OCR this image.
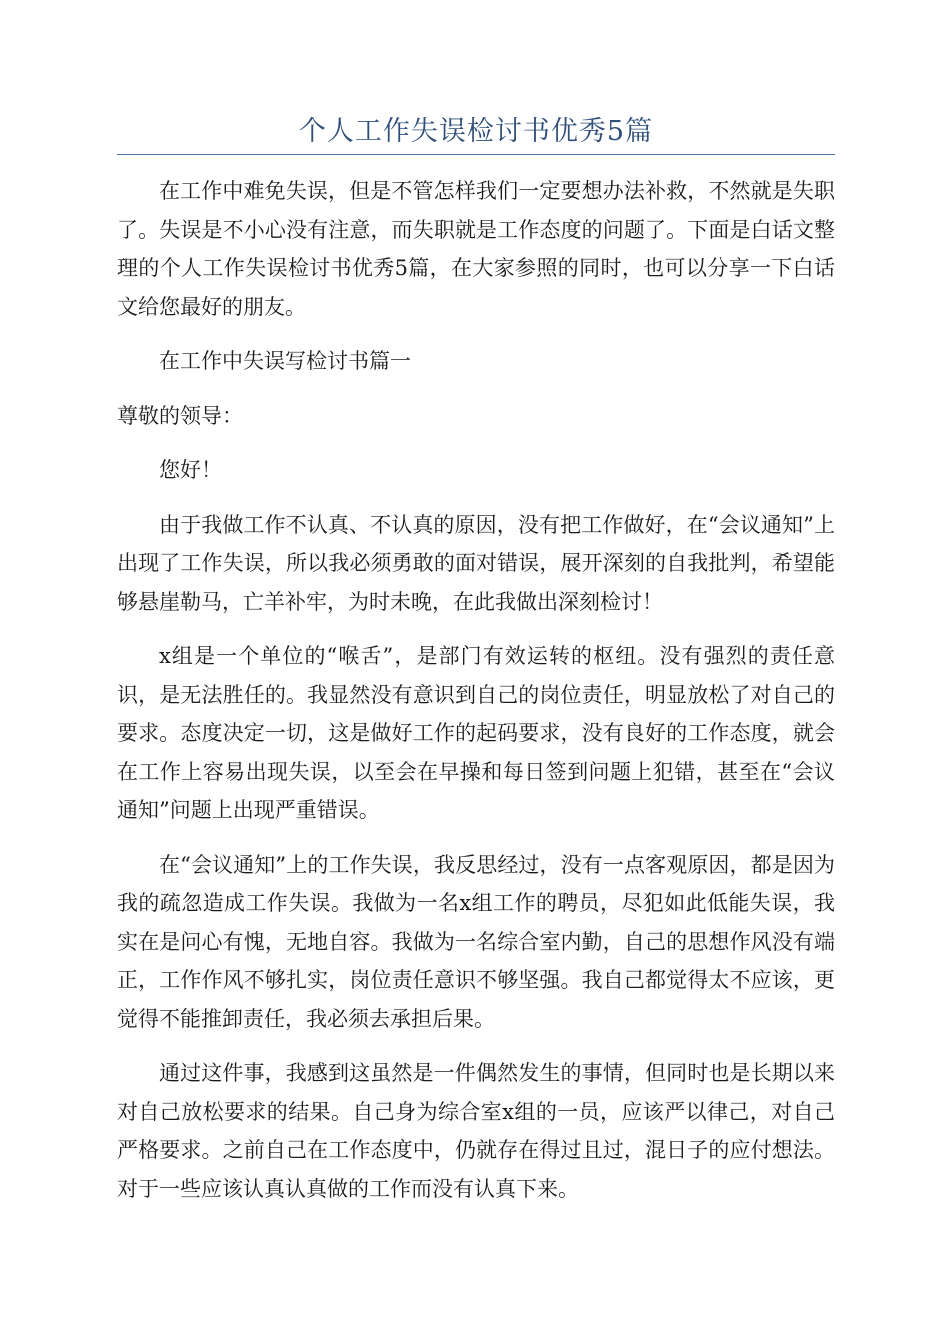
个人工作失误检讨书优秀5篇

在工作中难免失误，但是不管怎样我们一定要想办法补救，不然就是失职了。失误是不小心没有注意，而失职就是工作态度的问题了。下面是白话文整理的个人工作失误检讨书优秀5篇，在大家参照的同时，也可以分享一下白话文给您最好的朋友。

在工作中失误写检讨书篇一

尊敬的领导：

您好！

由于我做工作不认真、不认真的原因，没有把工作做好，在“会议通知”上出现了工作失误，所以我必须勇敢的面对错误，展开深刻的自我批判，希望能够悬崖勒马，亡羊补牢，为时未晚，在此我做出深刻检讨！

x组是一个单位的“喉舌”，是部门有效运转的枢纽。没有强烈的责任意识，是无法胜任的。我显然没有意识到自己的岗位责任，明显放松了对自己的要求。态度决定一切，这是做好工作的起码要求，没有良好的工作态度，就会在工作上容易出现失误，以至会在早操和每日签到问题上犯错，甚至在“会议通知”问题上出现严重错误。

在“会议通知”上的工作失误，我反思经过，没有一点客观原因，都是因为我的疏忽造成工作失误。我做为一名x组工作的聘员，尽犯如此低能失误，我实在是问心有愧，无地自容。我做为一名综合室内勤，自己的思想作风没有端正，工作作风不够扎实，岗位责任意识不够坚强。我自己都觉得太不应该，更觉得不能推卸责任，我必须去承担后果。

通过这件事，我感到这虽然是一件偶然发生的事情，但同时也是长期以来对自己放松要求的结果。自己身为综合室x组的一员，应该严以律己，对自己严格要求。之前自己在工作态度中，仍就存在得过且过，混日子的应付想法。对于一些应该认真认真做的工作而没有认真下来。
